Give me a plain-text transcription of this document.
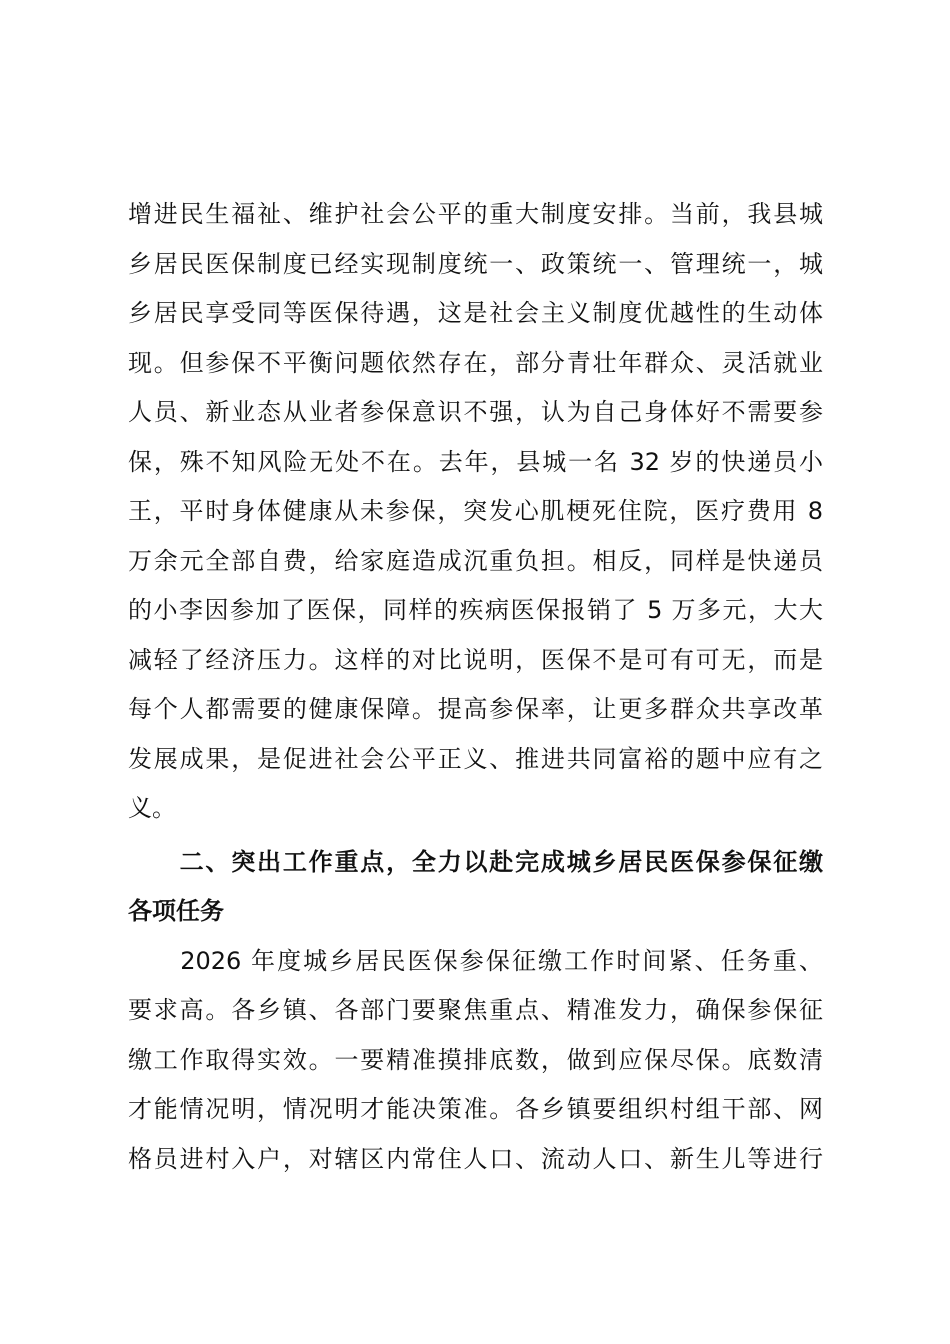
增进民生福祉、维护社会公平的重大制度安排。当前，我县城
乡居民医保制度已经实现制度统一、政策统一、管理统一，城
乡居民享受同等医保待遇，这是社会主义制度优越性的生动体
现。但参保不平衡问题依然存在，部分青壮年群众、灵活就业
人员、新业态从业者参保意识不强，认为自己身体好不需要参
保，殊不知风险无处不在。去年，县城一名 32 岁的快递员小
王，平时身体健康从未参保，突发心肌梗死住院，医疗费用 8
万余元全部自费，给家庭造成沉重负担。相反，同样是快递员
的小李因参加了医保，同样的疾病医保报销了 5 万多元，大大
减轻了经济压力。这样的对比说明，医保不是可有可无，而是
每个人都需要的健康保障。提高参保率，让更多群众共享改革
发展成果，是促进社会公平正义、推进共同富裕的题中应有之
义。
　　二、突出工作重点，全力以赴完成城乡居民医保参保征缴
各项任务
　　2026 年度城乡居民医保参保征缴工作时间紧、任务重、
要求高。各乡镇、各部门要聚焦重点、精准发力，确保参保征
缴工作取得实效。一要精准摸排底数，做到应保尽保。底数清
才能情况明，情况明才能决策准。各乡镇要组织村组干部、网
格员进村入户，对辖区内常住人口、流动人口、新生儿等进行
